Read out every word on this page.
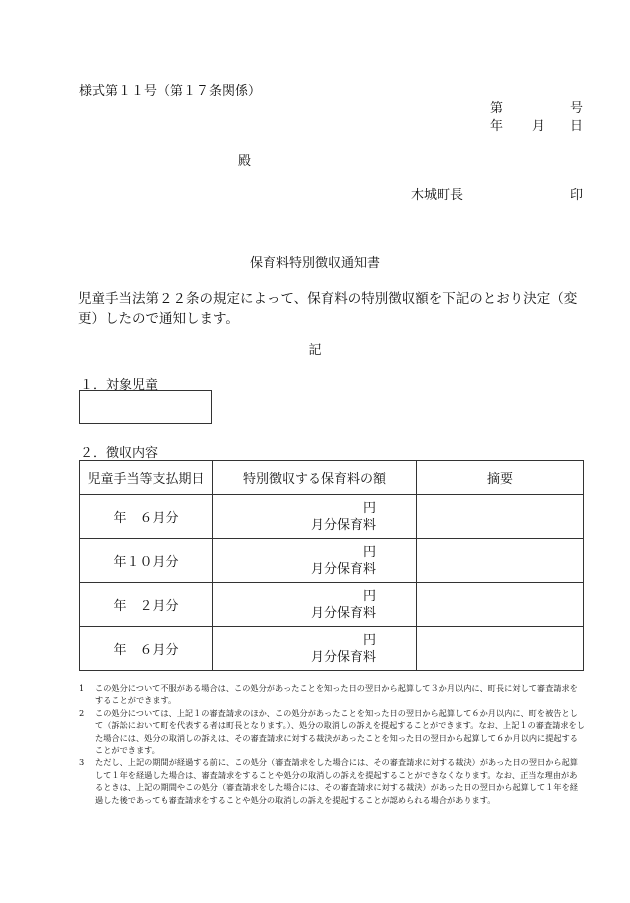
様式第１１号（第１７条関係）
第	号
年 月 日
殿
木城町長	印
保育料特別徴収通知書
児童手当法第２２条の規定によって、保育料の特別徴収額を下記のとおり決定（変更）したので通知します。
記
１．対象児童
２．徴収内容
児童手当等支払期日	特別徴収する保育料の額	摘要
年　６月分	円
月分保育料	

年１０月分	円
月分保育料	

年　２月分	円
月分保育料	

年　６月分	円
月分保育料	

1 この処分について不服がある場合は、この処分があったことを知った日の翌日から起算して３か月以内に、町長に対して審査請求をすることができます。
2 この処分については、上記１の審査請求のほか、この処分があったことを知った日の翌日から起算して６か月以内に、町を被告として（訴訟において町を代表する者は町長となります。）、処分の取消しの訴えを提起することができます。なお、上記１の審査請求をした場合には、処分の取消しの訴えは、その審査請求に対する裁決があったことを知った日の翌日から起算して６か月以内に提起することができます。
3 ただし、上記の期間が経過する前に、この処分（審査請求をした場合には、その審査請求に対する裁決）があった日の翌日から起算して１年を経過した場合は、審査請求をすることや処分の取消しの訴えを提起することができなくなります。なお、正当な理由があるときは、上記の期間やこの処分（審査請求をした場合には、その審査請求に対する裁決）があった日の翌日から起算して１年を経過した後であっても審査請求をすることや処分の取消しの訴えを提起することが認められる場合があります。
